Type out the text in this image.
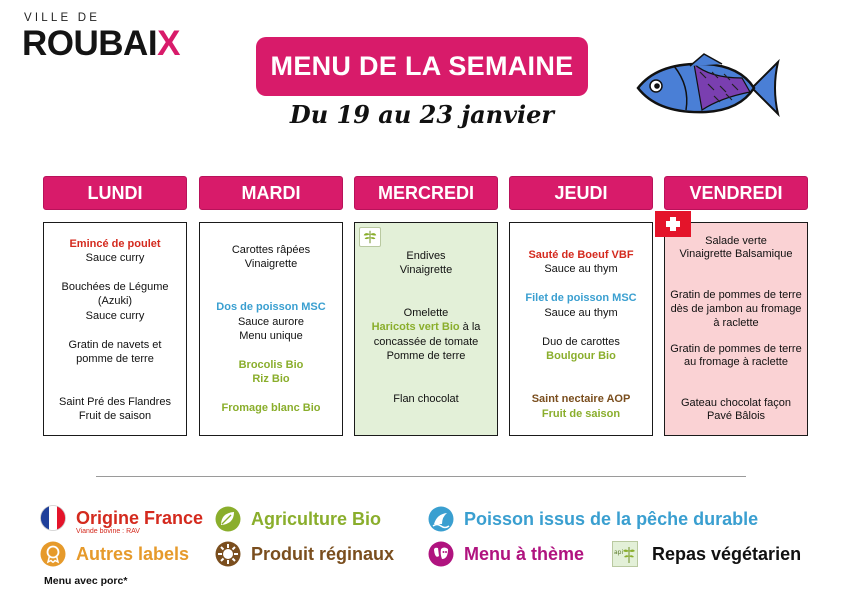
VILLE DE
ROUBAIX
MENU DE LA SEMAINE
Du 19 au 23 janvier
LUNDI	MARDI	MERCREDI	JEUDI	VENDREDI
Emincé de poulet
Sauce curry
Bouchées de Légume
(Azuki)
Sauce curry
Gratin de navets et
pomme de terre
Saint Pré des Flandres
Fruit de saison
Carottes râpées
Vinaigrette
Dos de poisson MSC
Sauce aurore
Menu unique
Brocolis Bio
Riz Bio
Fromage blanc Bio
Endives
Vinaigrette
Omelette
Haricots vert Bio à la
concassée de tomate
Pomme de terre
Flan chocolat
Sauté de Boeuf VBF
Sauce au thym
Filet de poisson MSC
Sauce au thym
Duo de carottes
Boulgour Bio
Saint nectaire AOP
Fruit de saison
Salade verte
Vinaigrette Balsamique
Gratin de pommes de terre
dès de jambon au fromage
à raclette
Gratin de pommes de terre
au fromage à raclette
Gateau chocolat façon
Pavé Bâlois
Origine France
Viande bovine : RAV
Autres labels
Agriculture Bio
Produit réginaux
Poisson issus de la pêche durable
Menu à thème	api Repas végétarien
Menu avec porc*
